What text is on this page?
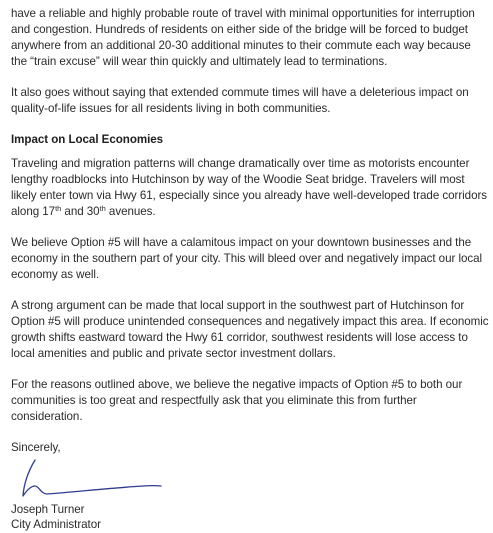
have a reliable and highly probable route of travel with minimal opportunities for interruption and congestion. Hundreds of residents on either side of the bridge will be forced to budget anywhere from an additional 20-30 additional minutes to their commute each way because the “train excuse” will wear thin quickly and ultimately lead to terminations.

It also goes without saying that extended commute times will have a deleterious impact on quality-of-life issues for all residents living in both communities.

Impact on Local Economies

Traveling and migration patterns will change dramatically over time as motorists encounter lengthy roadblocks into Hutchinson by way of the Woodie Seat bridge. Travelers will most likely enter town via Hwy 61, especially since you already have well-developed trade corridors along 17th and 30th avenues.

We believe Option #5 will have a calamitous impact on your downtown businesses and the economy in the southern part of your city. This will bleed over and negatively impact our local economy as well.

A strong argument can be made that local support in the southwest part of Hutchinson for Option #5 will produce unintended consequences and negatively impact this area. If economic growth shifts eastward toward the Hwy 61 corridor, southwest residents will lose access to local amenities and public and private sector investment dollars.

For the reasons outlined above, we believe the negative impacts of Option #5 to both our communities is too great and respectfully ask that you eliminate this from further consideration.

Sincerely,

Joseph Turner

City Administrator
